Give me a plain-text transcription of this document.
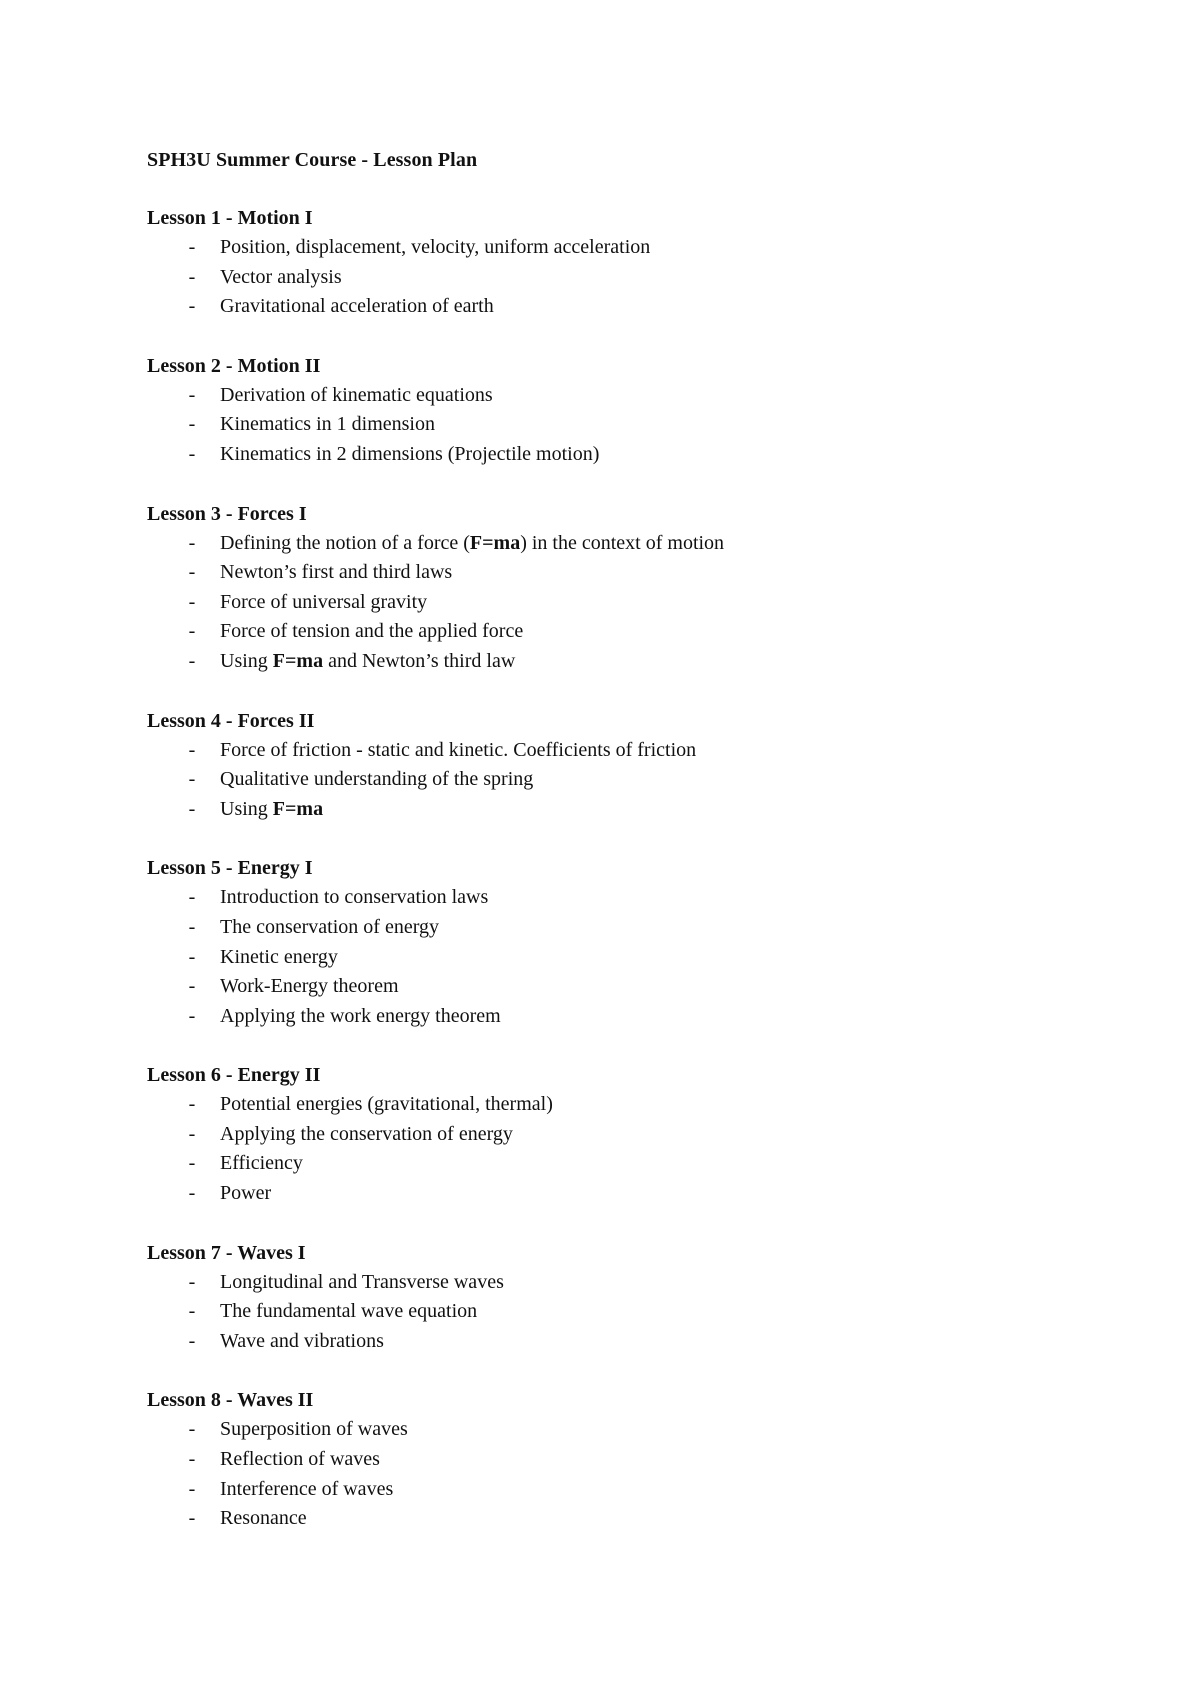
SPH3U Summer Course - Lesson Plan
Lesson 1 - Motion I
- Position, displacement, velocity, uniform acceleration
- Vector analysis
- Gravitational acceleration of earth
Lesson 2 - Motion II
- Derivation of kinematic equations
- Kinematics in 1 dimension
- Kinematics in 2 dimensions (Projectile motion)
Lesson 3 - Forces I
- Defining the notion of a force (F=ma) in the context of motion
- Newton’s first and third laws
- Force of universal gravity
- Force of tension and the applied force
- Using F=ma and Newton’s third law
Lesson 4 - Forces II
- Force of friction - static and kinetic. Coefficients of friction
- Qualitative understanding of the spring
- Using F=ma
Lesson 5 - Energy I
- Introduction to conservation laws
- The conservation of energy
- Kinetic energy
- Work-Energy theorem
- Applying the work energy theorem
Lesson 6 - Energy II
- Potential energies (gravitational, thermal)
- Applying the conservation of energy
- Efficiency
- Power
Lesson 7 - Waves I
- Longitudinal and Transverse waves
- The fundamental wave equation
- Wave and vibrations
Lesson 8 - Waves II
- Superposition of waves
- Reflection of waves
- Interference of waves
- Resonance
